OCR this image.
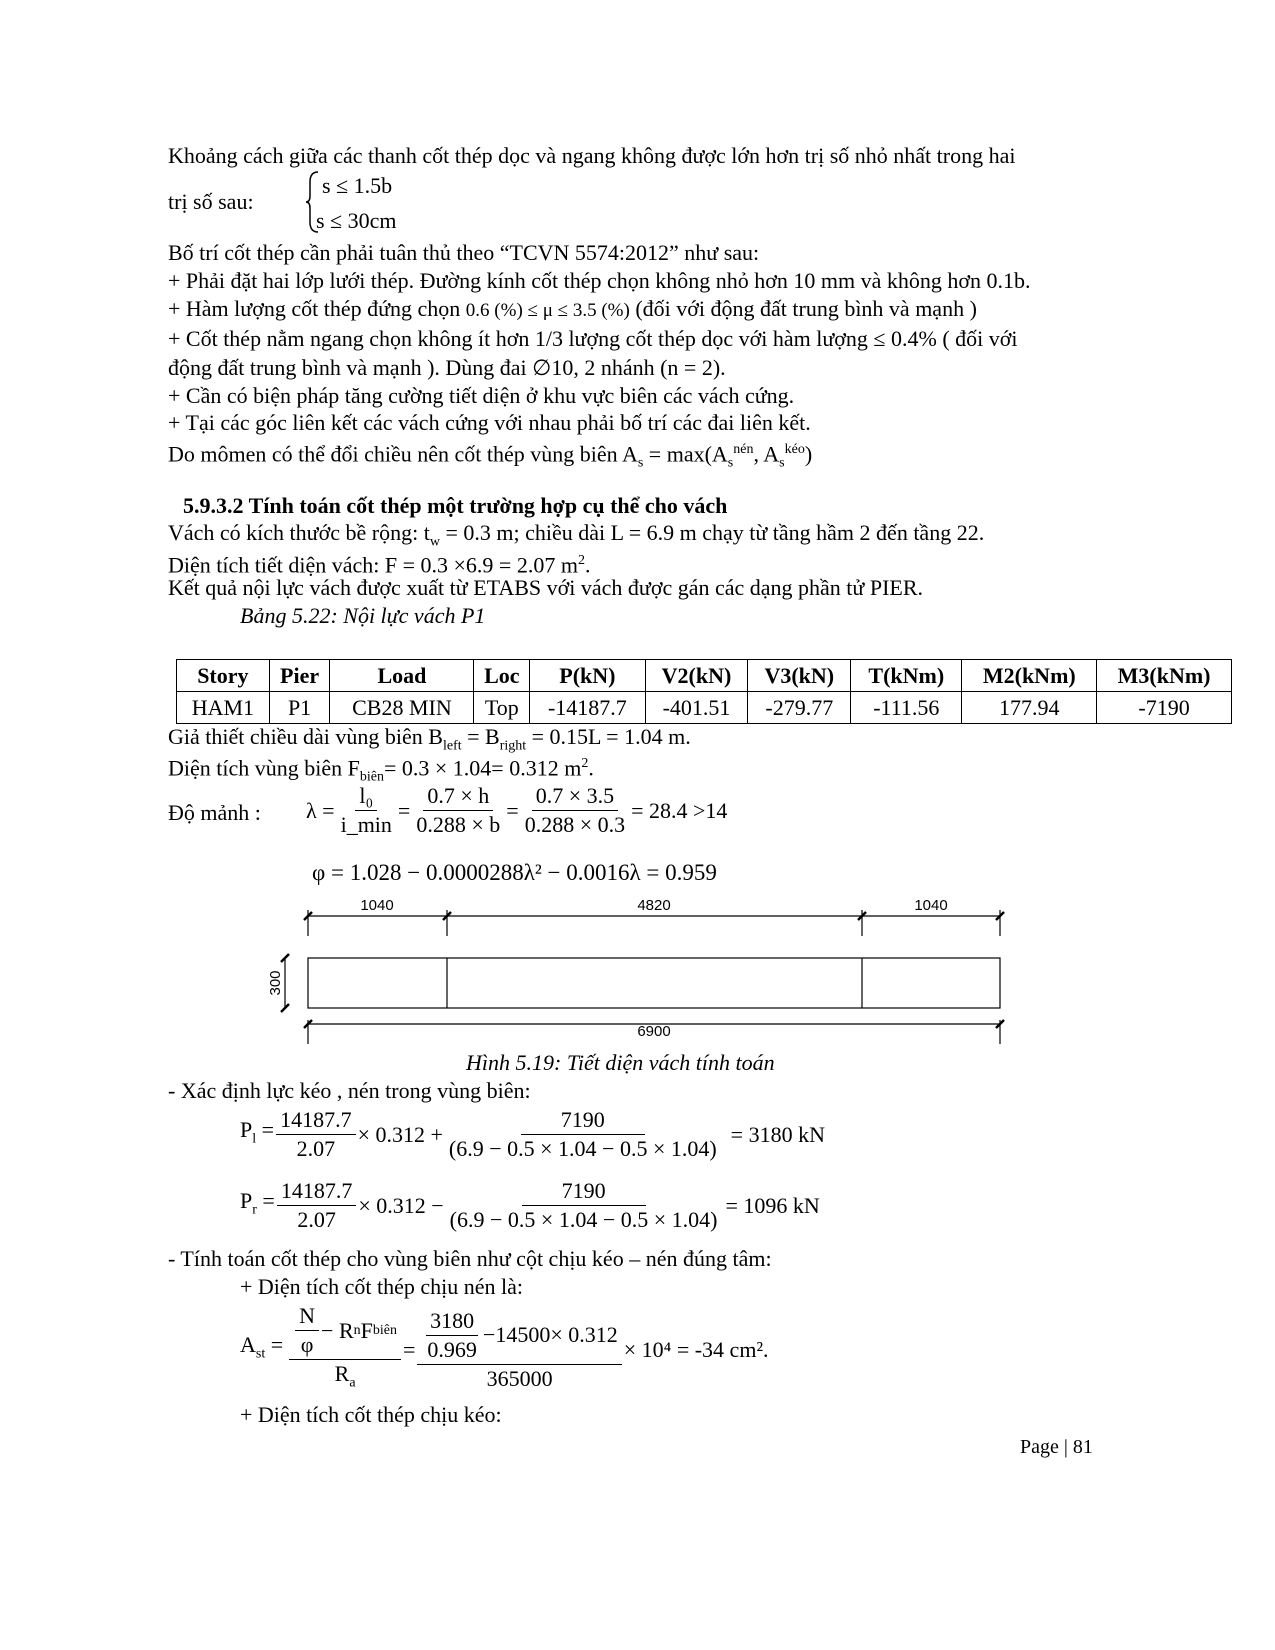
Khoảng cách giữa các thanh cốt thép dọc và ngang không được lớn hơn trị số nhỏ nhất trong hai
trị số sau:
s ≤ 1.5b
s ≤ 30cm
Bố trí cốt thép cần phải tuân thủ theo “TCVN 5574:2012” như sau:
+ Phải đặt hai lớp lưới thép. Đường kính cốt thép chọn không nhỏ hơn 10 mm và không hơn 0.1b.
+ Hàm lượng cốt thép đứng chọn 0.6 (%) ≤ μ ≤ 3.5 (%) (đối với động đất trung bình và mạnh )
+ Cốt thép nằm ngang chọn không ít hơn 1/3 lượng cốt thép dọc với hàm lượng ≤ 0.4% ( đối với
động đất trung bình và mạnh ). Dùng đai ∅10, 2 nhánh (n = 2).
+ Cần có biện pháp tăng cường tiết diện ở khu vực biên các vách cứng.
+ Tại các góc liên kết các vách cứng với nhau phải bố trí các đai liên kết.
Do mômen có thể đổi chiều nên cốt thép vùng biên $A_s = \max(A_s^{nén}$, $A_s^{kéo}$)
5.9.3.2 Tính toán cốt thép một trường hợp cụ thể cho vách
Vách có kích thước bề rộng: $t_w = 0.3$ m; chiều dài L = 6.9 m chạy từ tầng hầm 2 đến tầng 22.
Diện tích tiết diện vách: F = 0.3 ×6.9 = 2.07 $m^2$.
Kết quả nội lực vách được xuất từ ETABS với vách được gán các dạng phần tử PIER.
Bảng 5.22: Nội lực vách P1
Story	Pier	Load	Loc	P(kN)	V2(kN)	V3(kN)	T(kNm)	M2(kNm)	M3(kNm)
HAM1	P1	CB28 MIN	Top	-14187.7	-401.51	-279.77	-111.56	177.94	-7190
Giả thiết chiều dài vùng biên $B_{left} = B_{right} = 0.15L = 1.04$ m.
Diện tích vùng biên $F_{biên}= 0.3 \times 1.04= 0.312$ $m^2$.
Độ mảnh : $\lambda = \frac{\text{l₀}}{i\_\min} = \frac{0.7 \times h}{0.288 \times b} = \frac{0.7 \times 3.5}{0.288 \times 0.3} = 28.4 >14$
φ = 1.028 − 0.0000288λ² − 0.0016λ = 0.959
1040	4820	1040
6900
300
Hình 5.19: Tiết diện vách tính toán
- Xác định lực kéo , nén trong vùng biên:
$P_l = \frac{14187.7}{2.07} \times 0.312 + \frac{7190}{(6.9 - 0.5 \times 1.04 - 0.5 \times 1.04)} = 3180$ kN
$P_r = \frac{14187.7}{2.07} \times 0.312 - \frac{7190}{(6.9 - 0.5 \times 1.04 - 0.5 \times 1.04)} = 1096$ kN
- Tính toán cốt thép cho vùng biên như cột chịu kéo – nén đúng tâm:
+ Diện tích cốt thép chịu nén là:
$A_{st} = \frac{\frac{N}{\varphi} - R n F biên}{R_a} = \frac{\frac{3180}{0.969} -14500\times 0.312}{365000} \times 10^4 = -34$ cm².
+ Diện tích cốt thép chịu kéo:
Page | 81
